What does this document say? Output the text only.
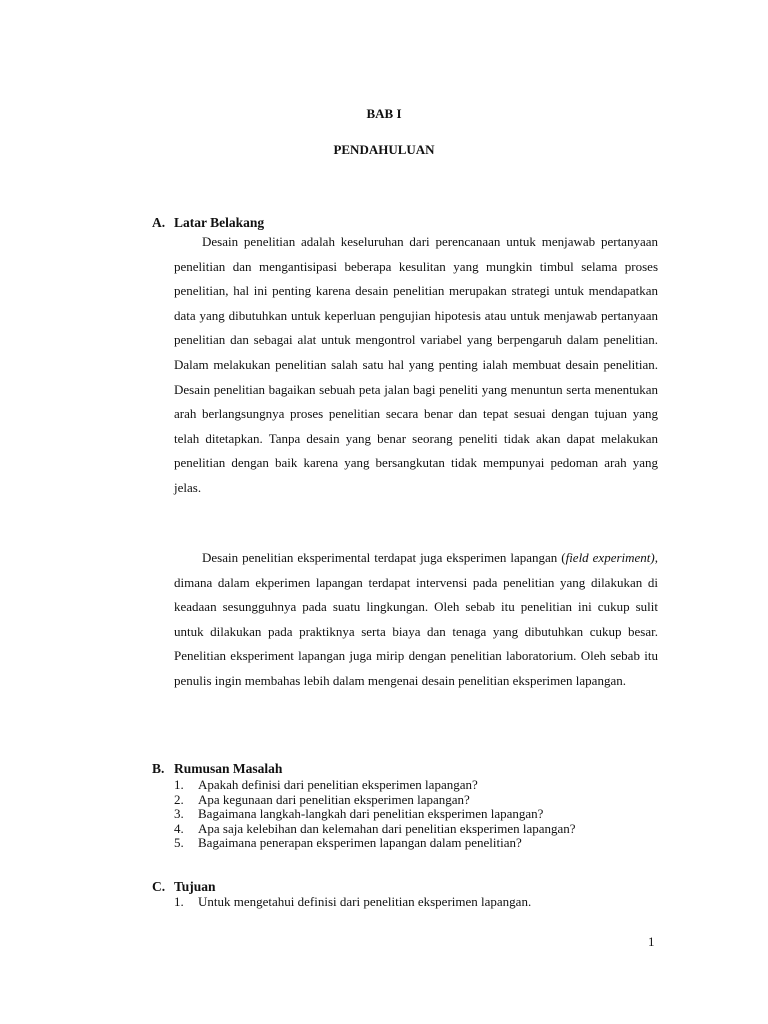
BAB I
PENDAHULUAN
A. Latar Belakang

Desain penelitian adalah keseluruhan dari perencanaan untuk menjawab pertanyaan penelitian dan mengantisipasi beberapa kesulitan yang mungkin timbul selama proses penelitian, hal ini penting karena desain penelitian merupakan strategi untuk mendapatkan data yang dibutuhkan untuk keperluan pengujian hipotesis atau untuk menjawab pertanyaan penelitian dan sebagai alat untuk mengontrol variabel yang berpengaruh dalam penelitian. Dalam melakukan penelitian salah satu hal yang penting ialah membuat desain penelitian. Desain penelitian bagaikan sebuah peta jalan bagi peneliti yang menuntun serta menentukan arah berlangsungnya proses penelitian secara benar dan tepat sesuai dengan tujuan yang telah ditetapkan. Tanpa desain yang benar seorang peneliti tidak akan dapat melakukan penelitian dengan baik karena yang bersangkutan tidak mempunyai pedoman arah yang jelas.

Desain penelitian eksperimental terdapat juga eksperimen lapangan (field experiment), dimana dalam ekperimen lapangan terdapat intervensi pada penelitian yang dilakukan di keadaan sesungguhnya pada suatu lingkungan. Oleh sebab itu penelitian ini cukup sulit untuk dilakukan pada praktiknya serta biaya dan tenaga yang dibutuhkan cukup besar. Penelitian eksperiment lapangan juga mirip dengan penelitian laboratorium. Oleh sebab itu penulis ingin membahas lebih dalam mengenai desain penelitian eksperimen lapangan.

B. Rumusan Masalah
1.	Apakah definisi dari penelitian eksperimen lapangan?
2.	Apa kegunaan dari penelitian eksperimen lapangan?
3.	Bagaimana langkah-langkah dari penelitian eksperimen lapangan?
4.	Apa saja kelebihan dan kelemahan dari penelitian eksperimen lapangan?
5.	Bagaimana penerapan eksperimen lapangan dalam penelitian?
C. Tujuan
1.	Untuk mengetahui definisi dari penelitian eksperimen lapangan.
1
